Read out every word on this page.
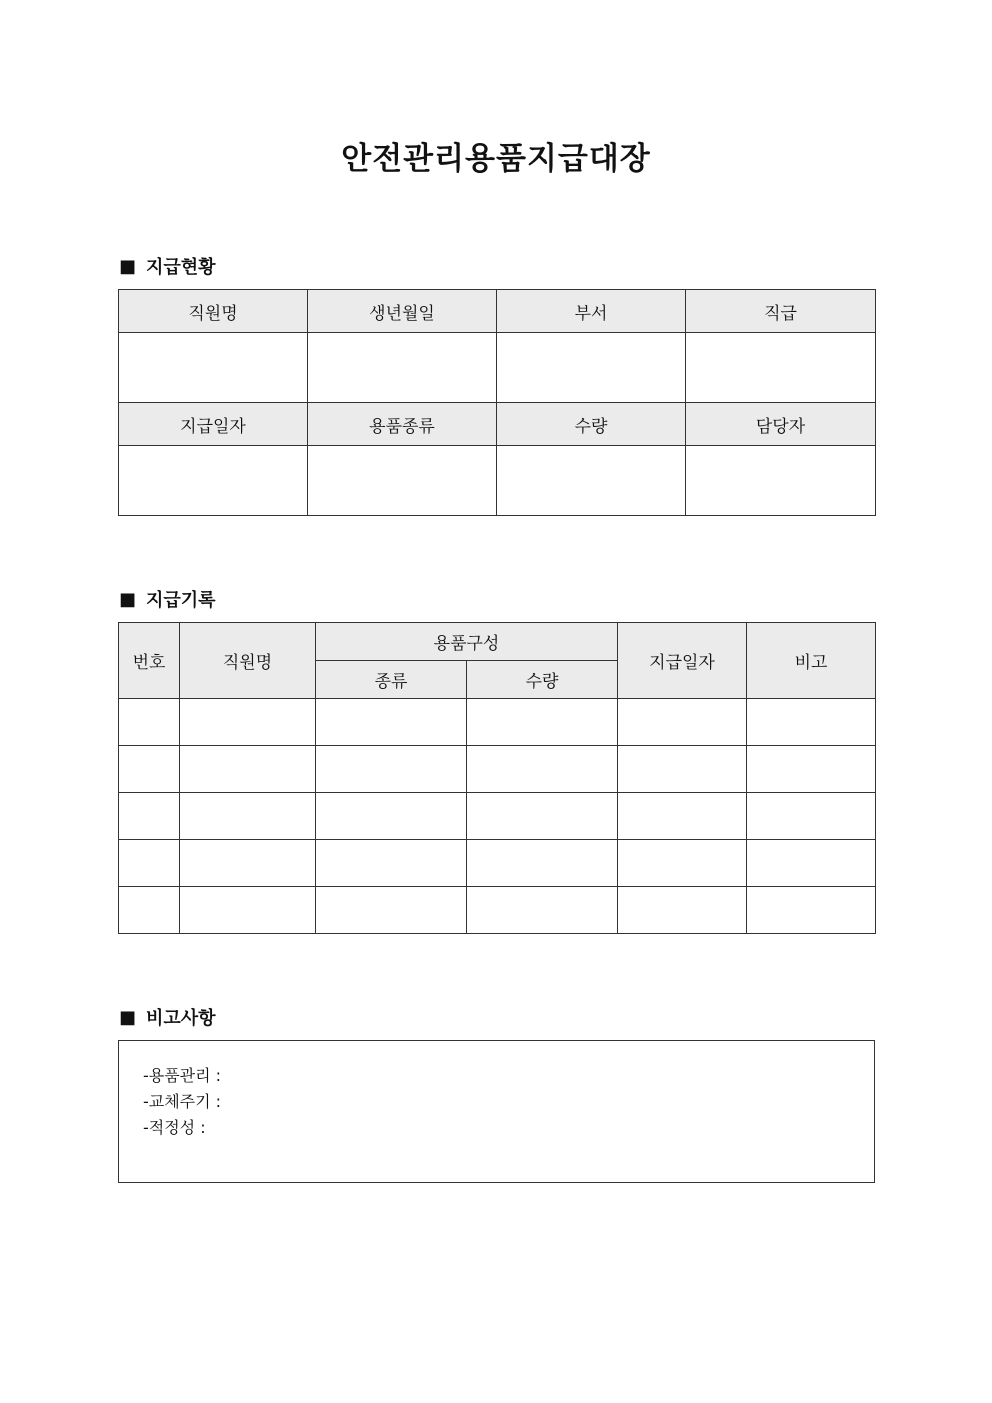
안전관리용품지급대장
■ 지급현황
직원명	생년월일	부서	직급

지급일자	용품종류	수량	담당자

■ 지급기록
번호	직원명	용품구성		지급일자	비고
		종류	수량		

■ 비고사항
-용품관리 :
-교체주기 :
-적정성 :
